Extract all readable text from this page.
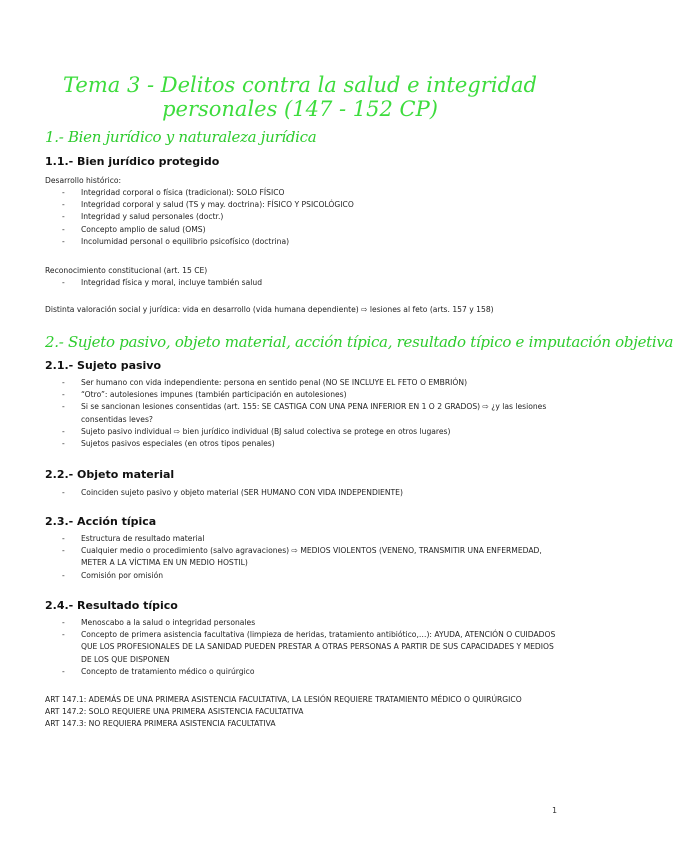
Tema 3 - Delitos contra la salud e integridad
personales (147 - 152 CP)
1.- Bien jurídico y naturaleza jurídica
1.1.- Bien jurídico protegido
Desarrollo histórico:
- Integridad corporal o física (tradicional): SOLO FÍSICO
- Integridad corporal y salud (TS y may. doctrina): FÍSICO Y PSICOLÓGICO
- Integridad y salud personales (doctr.)
- Concepto amplio de salud (OMS)
- Incolumidad personal o equilibrio psicofísico (doctrina)
Reconocimiento constitucional (art. 15 CE)
- Integridad física y moral, incluye también salud
Distinta valoración social y jurídica: vida en desarrollo (vida humana dependiente) ⇨ lesiones al feto (arts. 157 y 158)
2.- Sujeto pasivo, objeto material, acción típica, resultado típico e imputación objetiva
2.1.- Sujeto pasivo
- Ser humano con vida independiente: persona en sentido penal (NO SE INCLUYE EL FETO O EMBRIÓN)
- “Otro”: autolesiones impunes (también participación en autolesiones)
- Si se sancionan lesiones consentidas (art. 155: SE CASTIGA CON UNA PENA INFERIOR EN 1 O 2 GRADOS) ⇨ ¿y las lesiones consentidas leves?
- Sujeto pasivo individual ⇨ bien jurídico individual (BJ salud colectiva se protege en otros lugares)
- Sujetos pasivos especiales (en otros tipos penales)
2.2.- Objeto material
- Coinciden sujeto pasivo y objeto material (SER HUMANO CON VIDA INDEPENDIENTE)
2.3.- Acción típica
- Estructura de resultado material
- Cualquier medio o procedimiento (salvo agravaciones) ⇨ MEDIOS VIOLENTOS (VENENO, TRANSMITIR UNA ENFERMEDAD, METER A LA VÍCTIMA EN UN MEDIO HOSTIL)
- Comisión por omisión
2.4.- Resultado típico
- Menoscabo a la salud o integridad personales
- Concepto de primera asistencia facultativa (limpieza de heridas, tratamiento antibiótico,…): AYUDA, ATENCIÓN O CUIDADOS QUE LOS PROFESIONALES DE LA SANIDAD PUEDEN PRESTAR A OTRAS PERSONAS A PARTIR DE SUS CAPACIDADES Y MEDIOS DE LOS QUE DISPONEN
- Concepto de tratamiento médico o quirúrgico
ART 147.1: ADEMÁS DE UNA PRIMERA ASISTENCIA FACULTATIVA, LA LESIÓN REQUIERE TRATAMIENTO MÉDICO O QUIRÚRGICO
ART 147.2: SOLO REQUIERE UNA PRIMERA ASISTENCIA FACULTATIVA
ART 147.3: NO REQUIERA PRIMERA ASISTENCIA FACULTATIVA
1
